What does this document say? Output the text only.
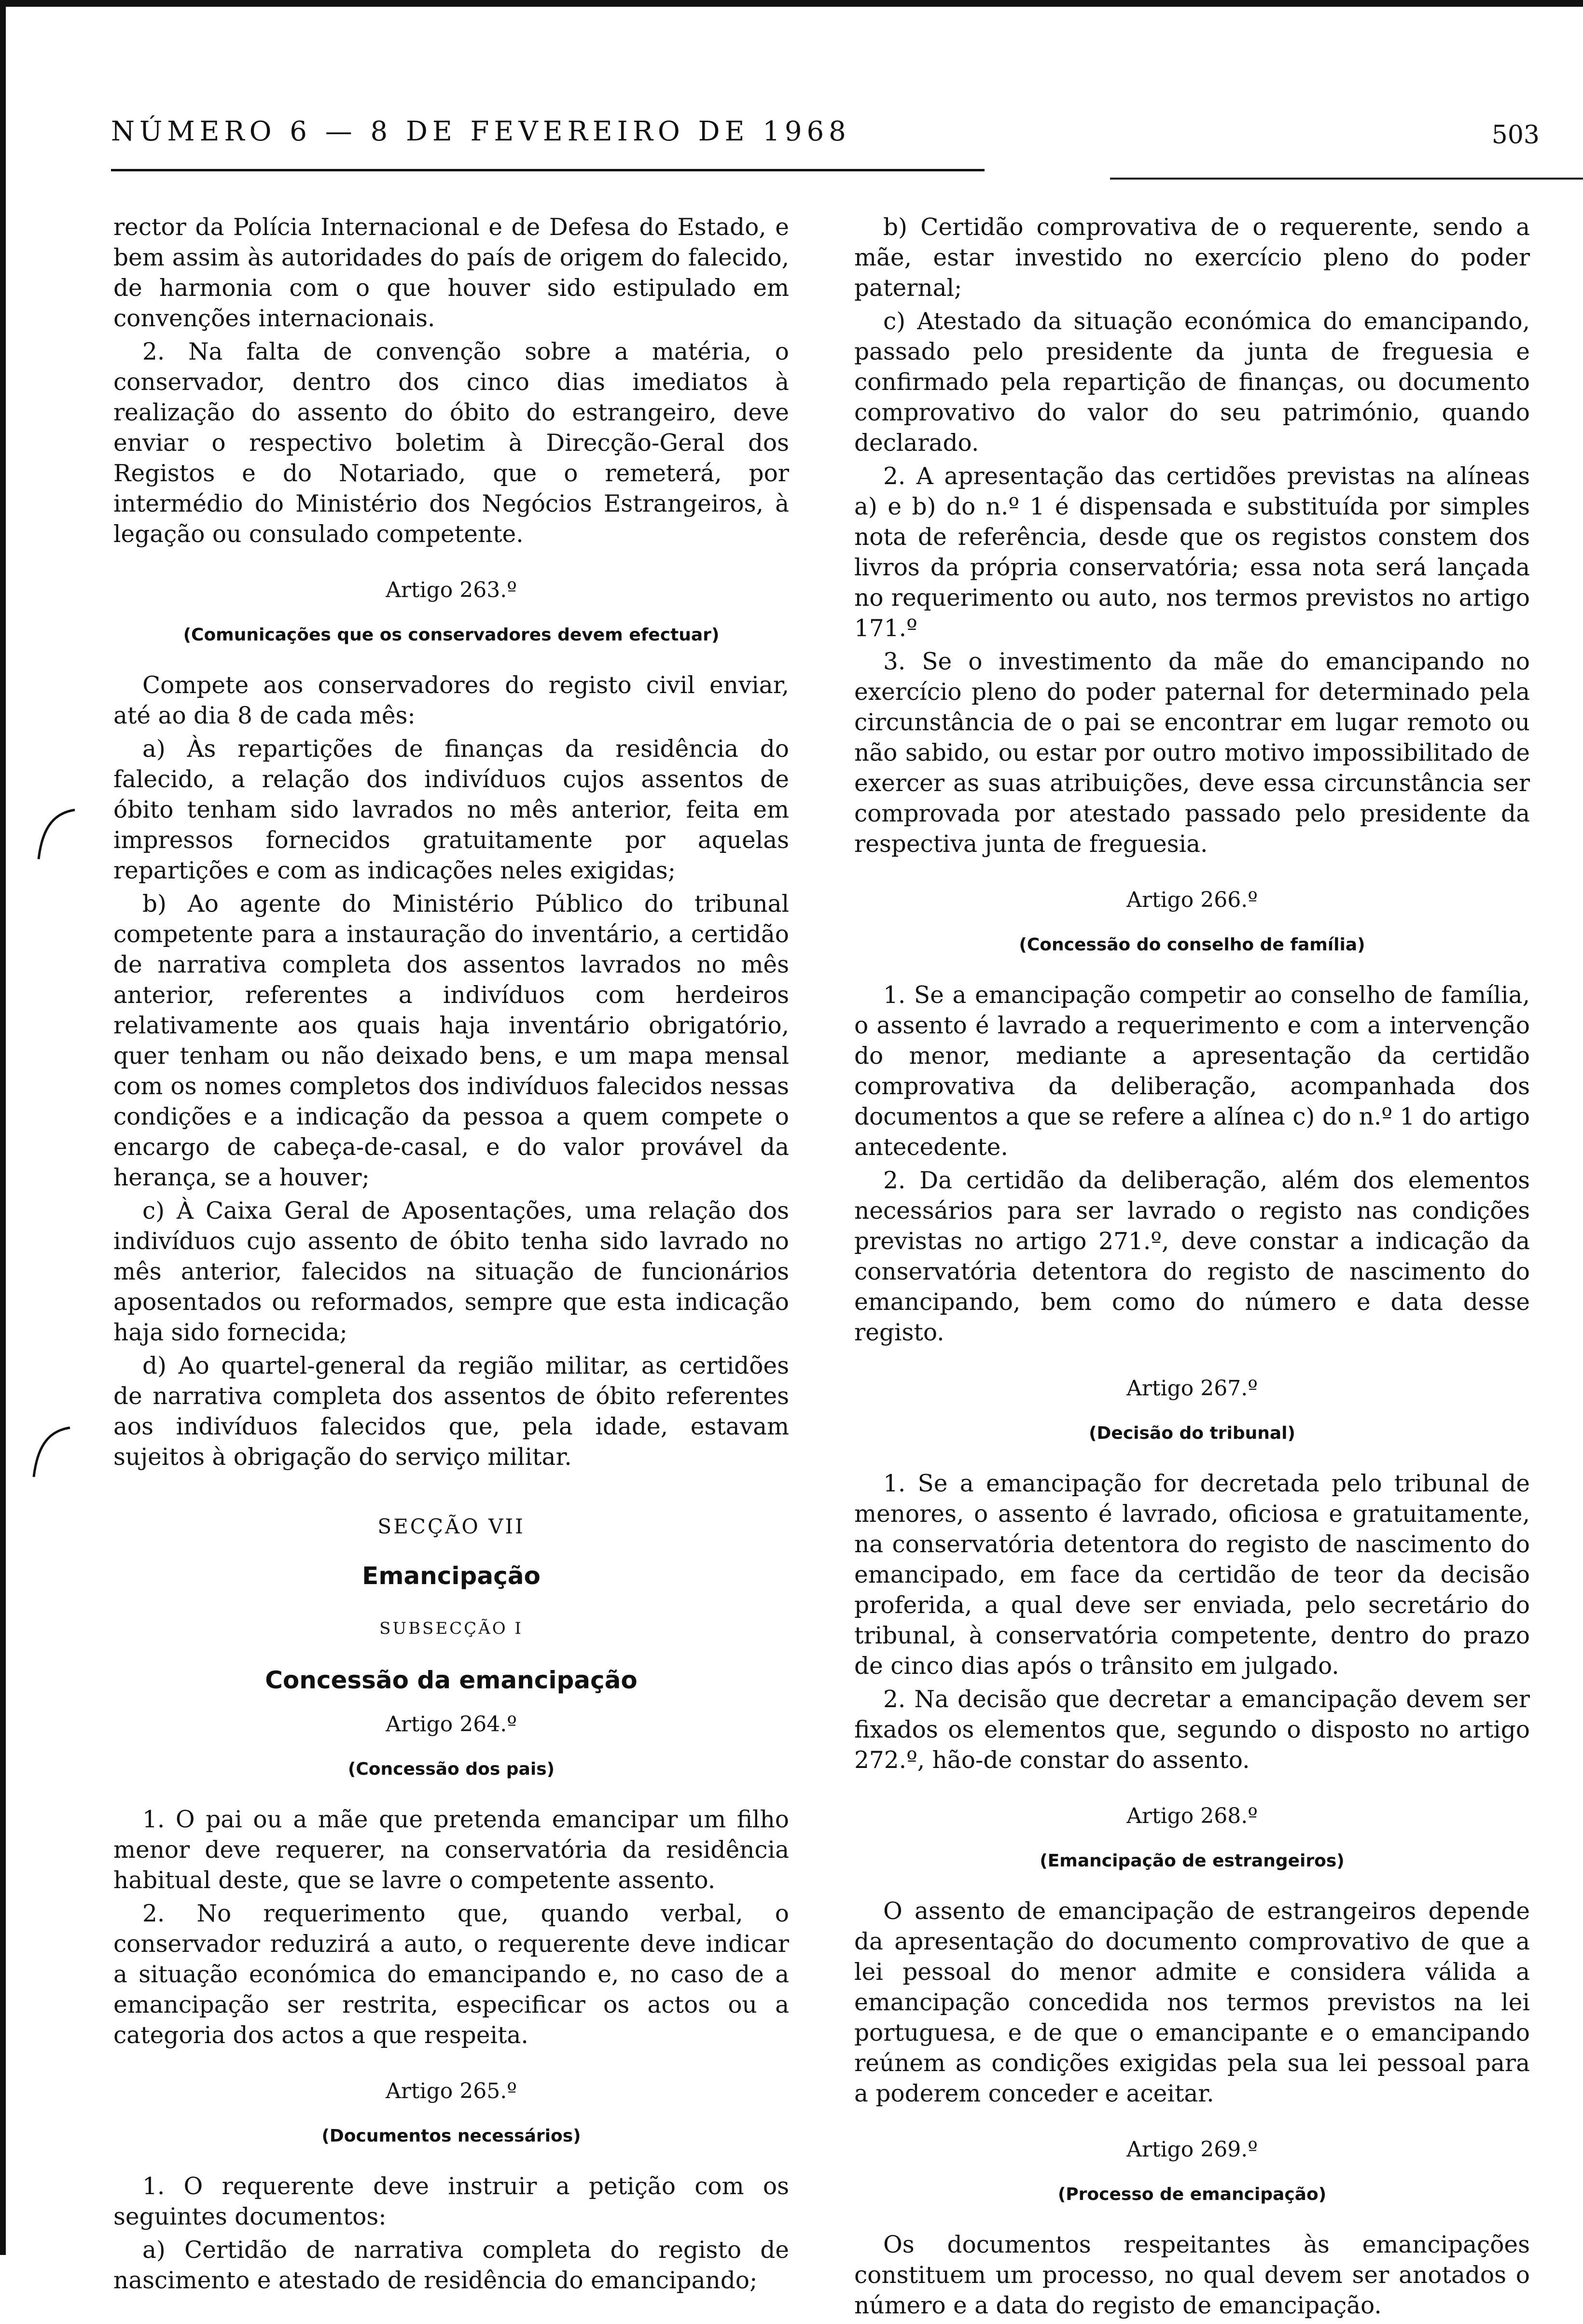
NÚMERO 6 — 8 DE FEVEREIRO DE 1968	503

rector da Polícia Internacional e de Defesa do Estado, e bem assim às autoridades do país de origem do falecido, de harmonia com o que houver sido estipulado em convenções internacionais.

2. Na falta de convenção sobre a matéria, o conservador, dentro dos cinco dias imediatos à realização do assento do óbito do estrangeiro, deve enviar o respectivo boletim à Direcção-Geral dos Registos e do Notariado, que o remeterá, por intermédio do Ministério dos Negócios Estrangeiros, à legação ou consulado competente.

Artigo 263.º
(Comunicações que os conservadores devem efectuar)

Compete aos conservadores do registo civil enviar, até ao dia 8 de cada mês:

a) Às repartições de finanças da residência do falecido, a relação dos indivíduos cujos assentos de óbito tenham sido lavrados no mês anterior, feita em impressos fornecidos gratuitamente por aquelas repartições e com as indicações neles exigidas;

b) Ao agente do Ministério Público do tribunal competente para a instauração do inventário, a certidão de narrativa completa dos assentos lavrados no mês anterior, referentes a indivíduos com herdeiros relativamente aos quais haja inventário obrigatório, quer tenham ou não deixado bens, e um mapa mensal com os nomes completos dos indivíduos falecidos nessas condições e a indicação da pessoa a quem compete o encargo de cabeça-de-casal, e do valor provável da herança, se a houver;

c) À Caixa Geral de Aposentações, uma relação dos indivíduos cujo assento de óbito tenha sido lavrado no mês anterior, falecidos na situação de funcionários aposentados ou reformados, sempre que esta indicação haja sido fornecida;

d) Ao quartel-general da região militar, as certidões de narrativa completa dos assentos de óbito referentes aos indivíduos falecidos que, pela idade, estavam sujeitos à obrigação do serviço militar.

SECÇÃO VII
Emancipação
SUBSECÇÃO I
Concessão da emancipação
Artigo 264.º
(Concessão dos pais)

1. O pai ou a mãe que pretenda emancipar um filho menor deve requerer, na conservatória da residência habitual deste, que se lavre o competente assento.

2. No requerimento que, quando verbal, o conservador reduzirá a auto, o requerente deve indicar a situação económica do emancipando e, no caso de a emancipação ser restrita, especificar os actos ou a categoria dos actos a que respeita.

Artigo 265.º
(Documentos necessários)

1. O requerente deve instruir a petição com os seguintes documentos:

a) Certidão de narrativa completa do registo de nascimento e atestado de residência do emancipando;

b) Certidão comprovativa de o requerente, sendo a mãe, estar investido no exercício pleno do poder paternal;

c) Atestado da situação económica do emancipando, passado pelo presidente da junta de freguesia e confirmado pela repartição de finanças, ou documento comprovativo do valor do seu património, quando declarado.

2. A apresentação das certidões previstas na alíneas a) e b) do n.º 1 é dispensada e substituída por simples nota de referência, desde que os registos constem dos livros da própria conservatória; essa nota será lançada no requerimento ou auto, nos termos previstos no artigo 171.º

3. Se o investimento da mãe do emancipando no exercício pleno do poder paternal for determinado pela circunstância de o pai se encontrar em lugar remoto ou não sabido, ou estar por outro motivo impossibilitado de exercer as suas atribuições, deve essa circunstância ser comprovada por atestado passado pelo presidente da respectiva junta de freguesia.

Artigo 266.º
(Concessão do conselho de família)

1. Se a emancipação competir ao conselho de família, o assento é lavrado a requerimento e com a intervenção do menor, mediante a apresentação da certidão comprovativa da deliberação, acompanhada dos documentos a que se refere a alínea c) do n.º 1 do artigo antecedente.

2. Da certidão da deliberação, além dos elementos necessários para ser lavrado o registo nas condições previstas no artigo 271.º, deve constar a indicação da conservatória detentora do registo de nascimento do emancipando, bem como do número e data desse registo.

Artigo 267.º
(Decisão do tribunal)

1. Se a emancipação for decretada pelo tribunal de menores, o assento é lavrado, oficiosa e gratuitamente, na conservatória detentora do registo de nascimento do emancipado, em face da certidão de teor da decisão proferida, a qual deve ser enviada, pelo secretário do tribunal, à conservatória competente, dentro do prazo de cinco dias após o trânsito em julgado.

2. Na decisão que decretar a emancipação devem ser fixados os elementos que, segundo o disposto no artigo 272.º, hão-de constar do assento.

Artigo 268.º
(Emancipação de estrangeiros)

O assento de emancipação de estrangeiros depende da apresentação do documento comprovativo de que a lei pessoal do menor admite e considera válida a emancipação concedida nos termos previstos na lei portuguesa, e de que o emancipante e o emancipando reúnem as condições exigidas pela sua lei pessoal para a poderem conceder e aceitar.

Artigo 269.º
(Processo de emancipação)

Os documentos respeitantes às emancipações constituem um processo, no qual devem ser anotados o número e a data do registo de emancipação.
